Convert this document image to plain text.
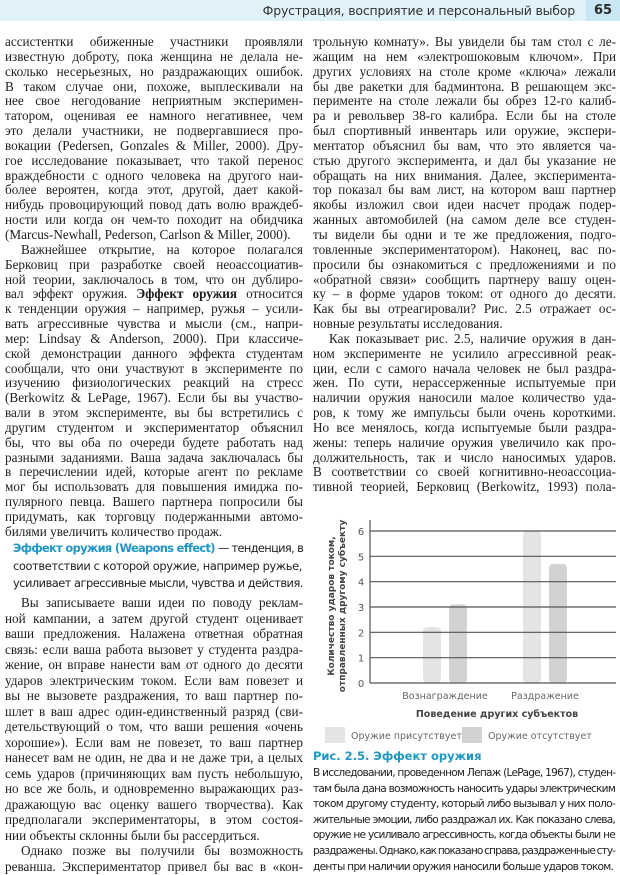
Фрустрация, восприятие и персональный выбор	65
ассистентки обиженные участники проявляли
известную доброту, пока женщина не делала не-
сколько несерьезных, но раздражающих ошибок.
В таком случае они, похоже, выплескивали на
нее свое негодование неприятным эксперимен-
татором, оценивая ее намного негативнее, чем
это делали участники, не подвергавшиеся про-
вокации (Pedersen, Gonzales & Miller, 2000). Дру-
гое исследование показывает, что такой перенос
враждебности с одного человека на другого наи-
более вероятен, когда этот, другой, дает какой-
нибудь провоцирующий повод дать волю враждеб-
ности или когда он чем-то походит на обидчика
(Marcus-Newhall, Pederson, Carlson & Miller, 2000).
Важнейшее открытие, на которое полагался
Берковиц при разработке своей неоассоциатив-
ной теории, заключалось в том, что он дублиро-
вал эффект оружия. Эффект оружия относится
к тенденции оружия – например, ружья – усили-
вать агрессивные чувства и мысли (см., напри-
мер: Lindsay & Anderson, 2000). При классиче-
ской демонстрации данного эффекта студентам
сообщали, что они участвуют в эксперименте по
изучению физиологических реакций на стресс
(Berkowitz & LePage, 1967). Если бы вы участво-
вали в этом эксперименте, вы бы встретились с
другим студентом и экспериментатор объяснил
бы, что вы оба по очереди будете работать над
разными заданиями. Ваша задача заключалась бы
в перечислении идей, которые агент по рекламе
мог бы использовать для повышения имиджа по-
пулярного певца. Вашего партнера попросили бы
придумать, как торговцу подержанными автомо-
билями увеличить количество продаж.
Эффект оружия (Weapons effect) — тенденция, в
соответствии с которой оружие, например ружье,
усиливает агрессивные мысли, чувства и действия.
Вы записываете ваши идеи по поводу реклам-
ной кампании, а затем другой студент оценивает
ваши предложения. Налажена ответная обратная
связь: если ваша работа вызовет у студента раздра-
жение, он вправе нанести вам от одного до десяти
ударов электрическим током. Если вам повезет и
вы не вызовете раздражения, то ваш партнер по-
шлет в ваш адрес один-единственный разряд (сви-
детельствующий о том, что ваши решения «очень
хорошие»). Если вам не повезет, то ваш партнер
нанесет вам не один, не два и не даже три, а целых
семь ударов (причиняющих вам пусть небольшую,
но все же боль, и одновременно выражающих раз-
дражающую вас оценку вашего творчества). Как
предполагали экспериментаторы, в этом состоя-
нии объекты склонны были бы рассердиться.
Однако позже вы получили бы возможность
реванша. Экспериментатор привел бы вас в «кон-
трольную комнату». Вы увидели бы там стол с ле-
жащим на нем «электрошоковым ключом». При
других условиях на столе кроме «ключа» лежали
бы две ракетки для бадминтона. В решающем экс-
перименте на столе лежали бы обрез 12-го калиб-
ра и револьвер 38-го калибра. Если бы на столе
был спортивный инвентарь или оружие, экспери-
ментатор объяснил бы вам, что это является ча-
стью другого эксперимента, и дал бы указание не
обращать на них внимания. Далее, эксперимента-
тор показал бы вам лист, на котором ваш партнер
якобы изложил свои идеи насчет продаж подер-
жанных автомобилей (на самом деле все студен-
ты видели бы одни и те же предложения, подго-
товленные экспериментатором). Наконец, вас по-
просили бы ознакомиться с предложениями и по
«обратной связи» сообщить партнеру вашу оцен-
ку – в форме ударов током: от одного до десяти.
Как бы вы отреагировали? Рис. 2.5 отражает ос-
новные результаты исследования.
Как показывает рис. 2.5, наличие оружия в дан-
ном эксперименте не усилило агрессивной реак-
ции, если с самого начала человек не был раздра-
жен. По сути, нерассерженные испытуемые при
наличии оружия наносили малое количество уда-
ров, к тому же импульсы были очень короткими.
Но все менялось, когда испытуемые были раздра-
жены: теперь наличие оружия увеличило как про-
должительность, так и число наносимых ударов.
В соответствии со своей когнитивно-неоассоциа-
тивной теорией, Берковиц (Berkowitz, 1993) пола-
0
1
2
3
4
5
6
Вознаграждение Раздражение
Поведение других субъектов
Количество ударов током, отправленных другому субъекту
Оружие присутствует	Оружие отсутствует
Рис. 2.5. Эффект оружия
В исследовании, проведенном Лепаж (LePage, 1967), студен-
там была дана возможность наносить удары электрическим
током другому студенту, который либо вызывал у них поло-
жительные эмоции, либо раздражал их. Как показано слева,
оружие не усиливало агрессивность, когда объекты были не
раздражены. Однако, как показано справа, раздраженные сту-
денты при наличии оружия наносили больше ударов током.
